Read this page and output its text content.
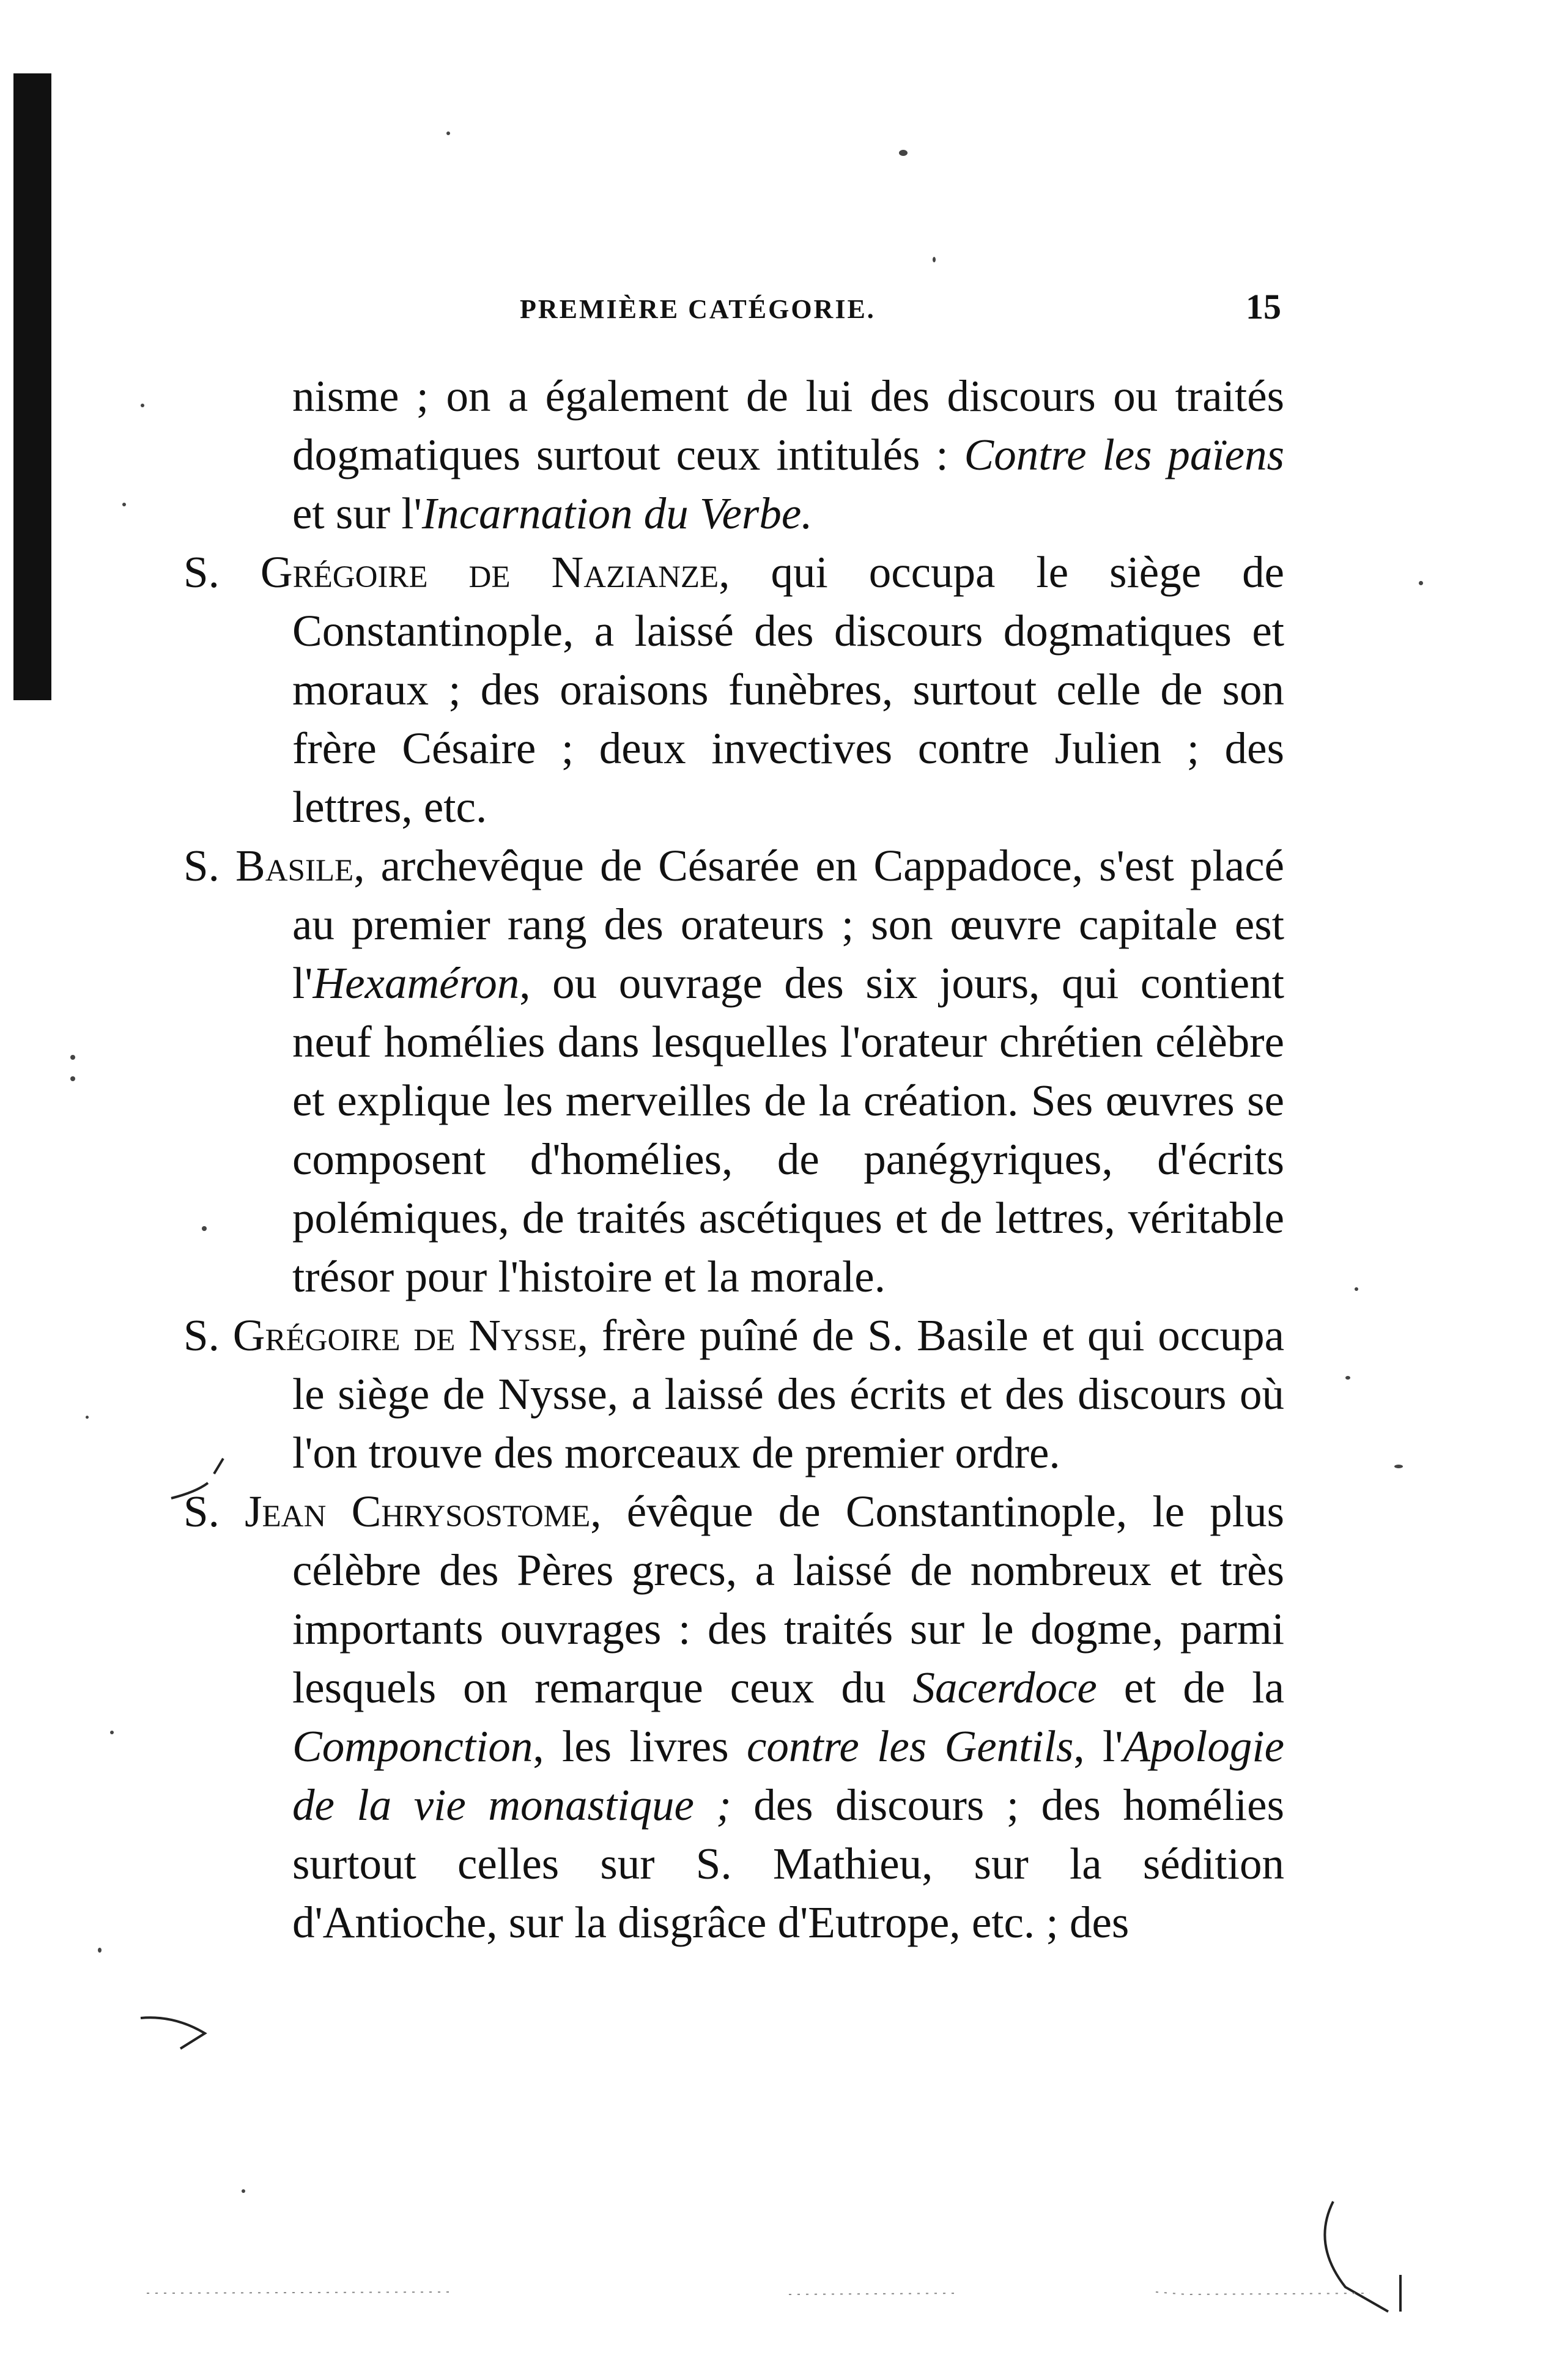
PREMIÈRE CATÉGORIE.	15

nisme ; on a également de lui des discours ou traités dogmatiques surtout ceux intitulés : Contre les païens et sur l'Incarnation du Verbe.

S. Grégoire de Nazianze, qui occupa le siège de Constantinople, a laissé des discours dogmatiques et moraux ; des oraisons funèbres, surtout celle de son frère Césaire ; deux invectives contre Julien ; des lettres, etc.

S. Basile, archevêque de Césarée en Cappadoce, s'est placé au premier rang des orateurs ; son œuvre capitale est l'Hexaméron, ou ouvrage des six jours, qui contient neuf homélies dans lesquelles l'orateur chrétien célèbre et explique les merveilles de la création. Ses œuvres se composent d'homélies, de panégyriques, d'écrits polémiques, de traités ascétiques et de lettres, véritable trésor pour l'histoire et la morale.

S. Grégoire de Nysse, frère puîné de S. Basile et qui occupa le siège de Nysse, a laissé des écrits et des discours où l'on trouve des morceaux de premier ordre.

S. Jean Chrysostome, évêque de Constantinople, le plus célèbre des Pères grecs, a laissé de nombreux et très importants ouvrages : des traités sur le dogme, parmi lesquels on remarque ceux du Sacerdoce et de la Componction, les livres contre les Gentils, l'Apologie de la vie monastique ; des discours ; des homélies surtout celles sur S. Mathieu, sur la sédition d'Antioche, sur la disgrâce d'Eutrope, etc. ; des
